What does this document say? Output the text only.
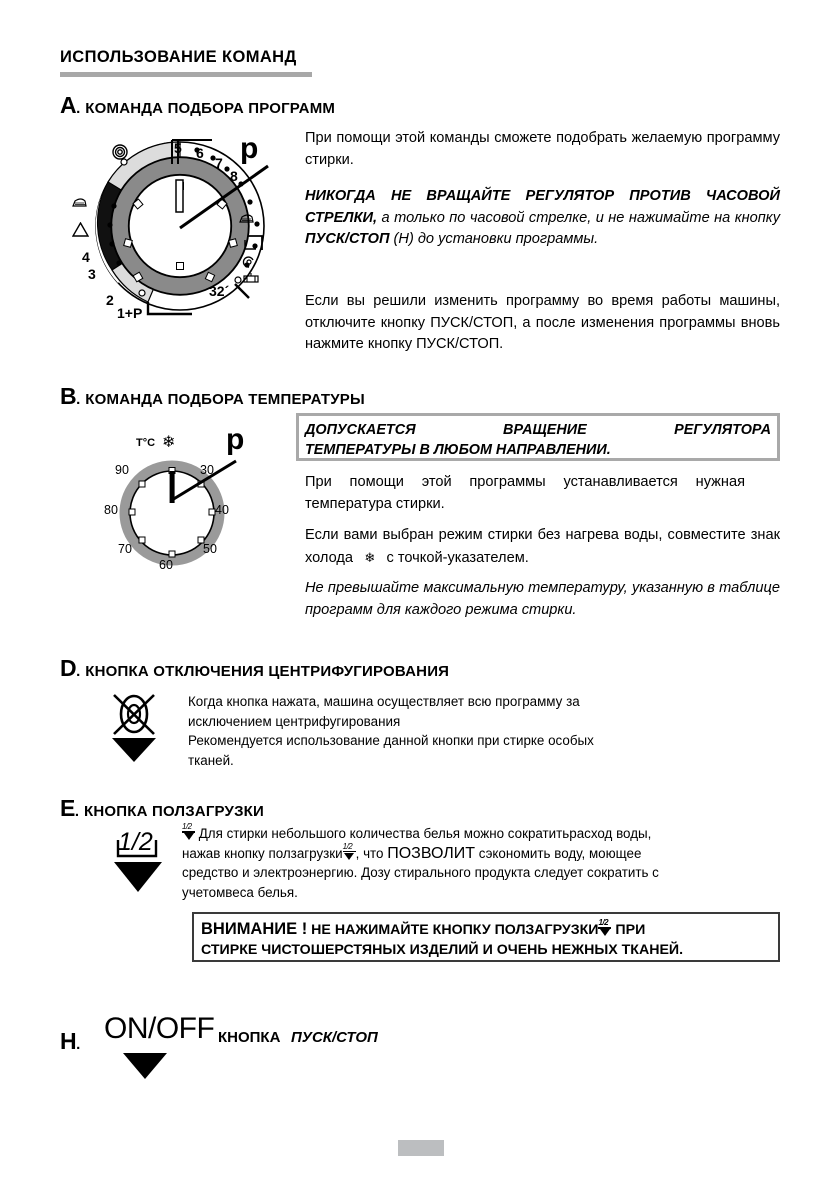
ИСПОЛЬЗОВАНИЕ КОМАНД
A. КОМАНДА ПОДБОРА ПРОГРАММ
5 6
7
8
4
3
2
1+P
32´
p	При помощи этой команды сможете подобрать желаемую программу стирки.
НИКОГДА НЕ ВРАЩАЙТЕ РЕГУЛЯТОР ПРОТИВ ЧАСОВОЙ СТРЕЛКИ, а только по часовой стрелке, и не нажимайте на кнопку ПУСК/СТОП (Н) до установки программы.
Если вы решили изменить программу во время работы машины, отключите кнопку ПУСК/СТОП, а после изменения программы вновь нажмите кнопку ПУСК/СТОП.
B. КОМАНДА ПОДБОРА ТЕМПЕРАТУРЫ
T°C ❄ p
30
40
50
60
70
80
90
ДОПУСКАЕТСЯ	ВРАЩЕНИЕ	РЕГУЛЯТОРА
ТЕМПЕРАТУРЫ В ЛЮБОМ НАПРАВЛЕНИИ.
При помощи этой программы устанавливается нужная температура стирки.
Если вами выбран режим стирки без нагрева воды, совместите знак холода   ❄   с точкой-указателем.
Не превышайте максимальную температуру, указанную в таблице программ для каждого режима стирки.
D. КНОПКА ОТКЛЮЧЕНИЯ ЦЕНТРИФУГИРОВАНИЯ
Когда кнопка нажата, машина осуществляет всю программу за
исключением центрифугирования
Рекомендуется использование данной кнопки при стирке особых
тканей.
E. КНОПКА ПОЛЗАГРУЗКИ
1/2
1/2 Для стирки небольшого количества белья можно сократитьрасход воды,
нажав кнопку ползагрузки 1/2 , что ПОЗВОЛИТ сэкономить воду, моющее
средство и электроэнергию. Дозу стирального продукта следует сократить с
учетомвеса белья.
ВНИМАНИЕ ! НЕ НАЖИМАЙТЕ КНОПКУ ПОЛЗАГРУЗКИ 1/2 ПРИ
СТИРКЕ ЧИСТОШЕРСТЯНЫХ ИЗДЕЛИЙ И ОЧЕНЬ НЕЖНЫХ ТКАНЕЙ.
H. ON/OFF КНОПКА ПУСК/СТОП
